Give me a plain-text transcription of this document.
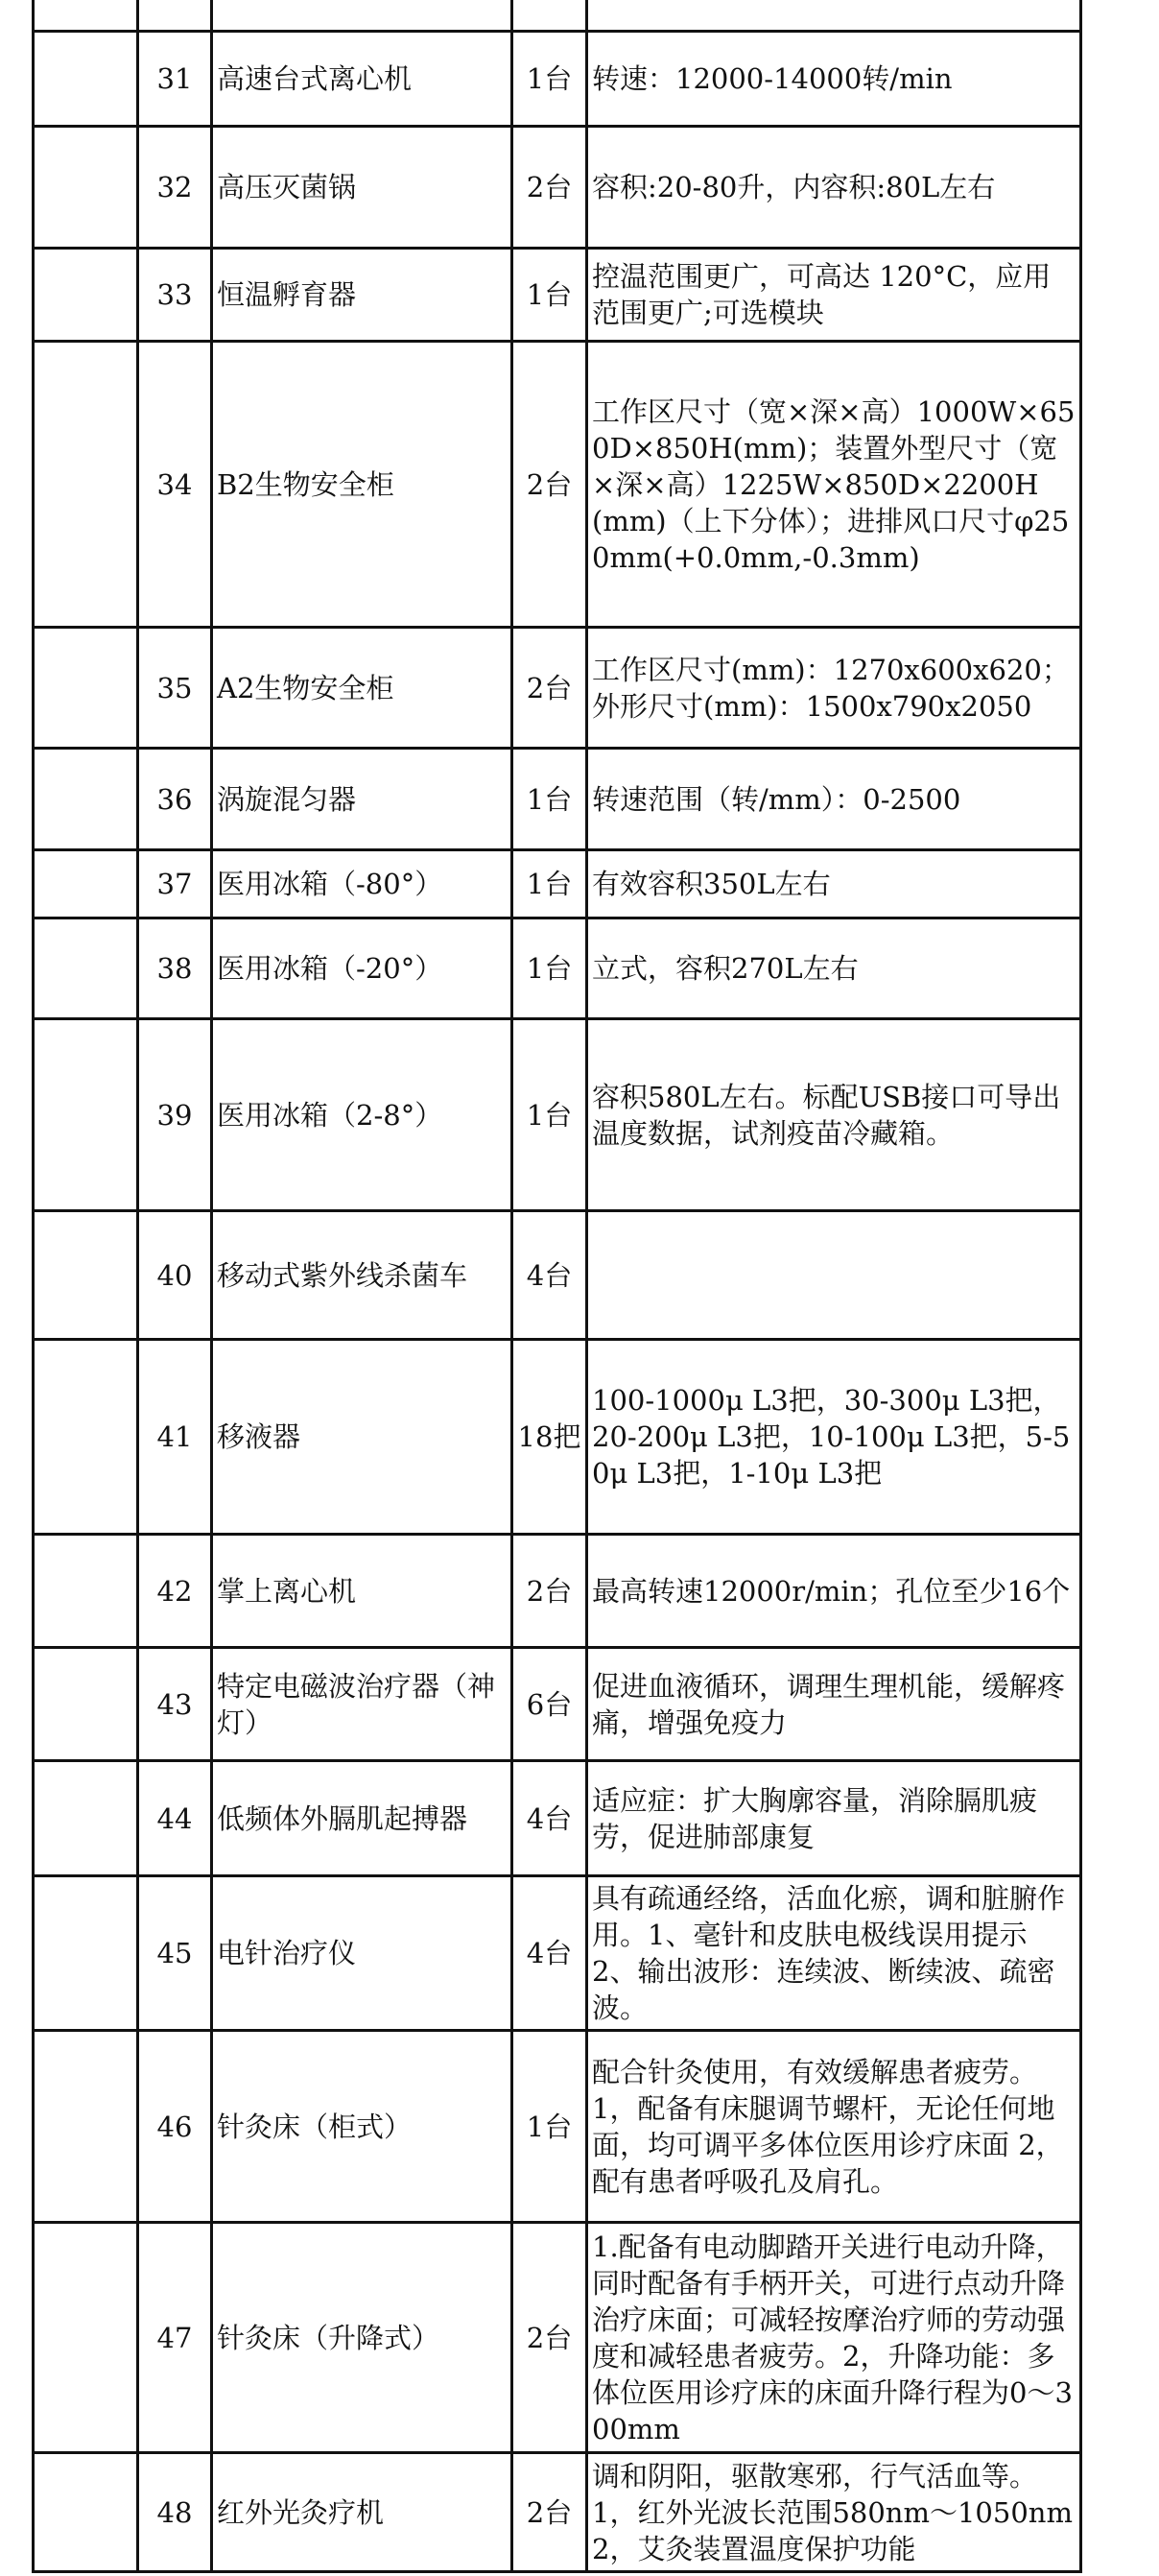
	31	高速台式离心机	1台	转速：12000-14000转/min
	32	高压灭菌锅	2台	容积:20-80升，内容积:80L左右
	33	恒温孵育器	1台	控温范围更广，可高达 120°C，应用范围更广;可选模块
	34	B2生物安全柜	2台	工作区尺寸（宽×深×高）1000W×650D×850H(mm)；装置外型尺寸（宽×深×高）1225W×850D×2200H(mm)（上下分体）；进排风口尺寸φ250mm(+0.0mm,-0.3mm)
	35	A2生物安全柜	2台	工作区尺寸(mm)：1270x600x620；外形尺寸(mm)：1500x790x2050
	36	涡旋混匀器	1台	转速范围（转/mm）：0-2500
	37	医用冰箱（-80°）	1台	有效容积350L左右
	38	医用冰箱（-20°）	1台	立式，容积270L左右
	39	医用冰箱（2-8°）	1台	容积580L左右。标配USB接口可导出温度数据，试剂疫苗冷藏箱。
	40	移动式紫外线杀菌车	4台	
	41	移液器	18把	100-1000μ L3把，30-300μ L3把，20-200μ L3把，10-100μ L3把，5-50μ L3把，1-10μ L3把
	42	掌上离心机	2台	最高转速12000r/min；孔位至少16个
	43	特定电磁波治疗器（神灯）	6台	促进血液循环，调理生理机能，缓解疼痛，增强免疫力
	44	低频体外膈肌起搏器	4台	适应症：扩大胸廓容量，消除膈肌疲劳，促进肺部康复
	45	电针治疗仪	4台	具有疏通经络，活血化瘀，调和脏腑作用。1、毫针和皮肤电极线误用提示 2、输出波形：连续波、断续波、疏密波。
	46	针灸床（柜式）	1台	配合针灸使用，有效缓解患者疲劳。1，配备有床腿调节螺杆，无论任何地面，均可调平多体位医用诊疗床面 2，配有患者呼吸孔及肩孔。
	47	针灸床（升降式）	2台	1.配备有电动脚踏开关进行电动升降，同时配备有手柄开关，可进行点动升降治疗床面；可减轻按摩治疗师的劳动强度和减轻患者疲劳。2，升降功能：多体位医用诊疗床的床面升降行程为0～300mm
	48	红外光灸疗机	2台	调和阴阳，驱散寒邪，行气活血等。1，红外光波长范围580nm～1050nm 2，艾灸装置温度保护功能
